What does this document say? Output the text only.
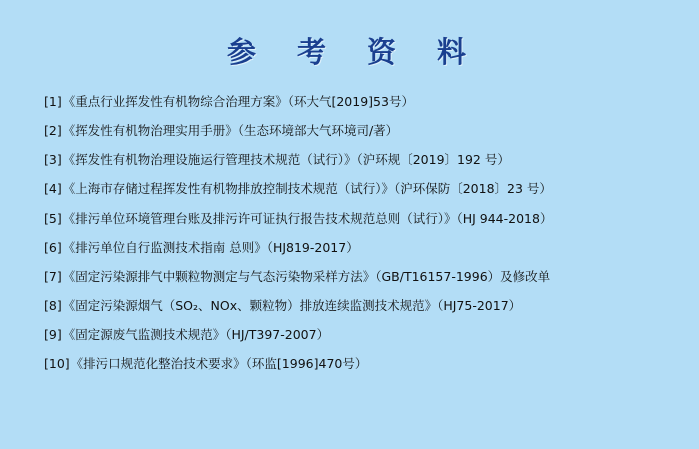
参　考　资　料
[1] 《重点行业挥发性有机物综合治理方案》（环大气[2019]53号）
[2] 《挥发性有机物治理实用手册》（生态环境部大气环境司/著）
[3] 《挥发性有机物治理设施运行管理技术规范（试行）》（沪环规〔2019〕192 号）
[4] 《上海市存储过程挥发性有机物排放控制技术规范（试行）》（沪环保防〔2018〕23 号）
[5] 《排污单位环境管理台账及排污许可证执行报告技术规范总则（试行）》（HJ 944-2018）
[6] 《排污单位自行监测技术指南 总则》（HJ819-2017）
[7] 《固定污染源排气中颗粒物测定与气态污染物采样方法》（GB/T16157-1996）及修改单
[8] 《固定污染源烟气（SO₂、NOx、颗粒物）排放连续监测技术规范》（HJ75-2017）
[9] 《固定源废气监测技术规范》（HJ/T397-2007）
[10] 《排污口规范化整治技术要求》（环监[1996]470号）
